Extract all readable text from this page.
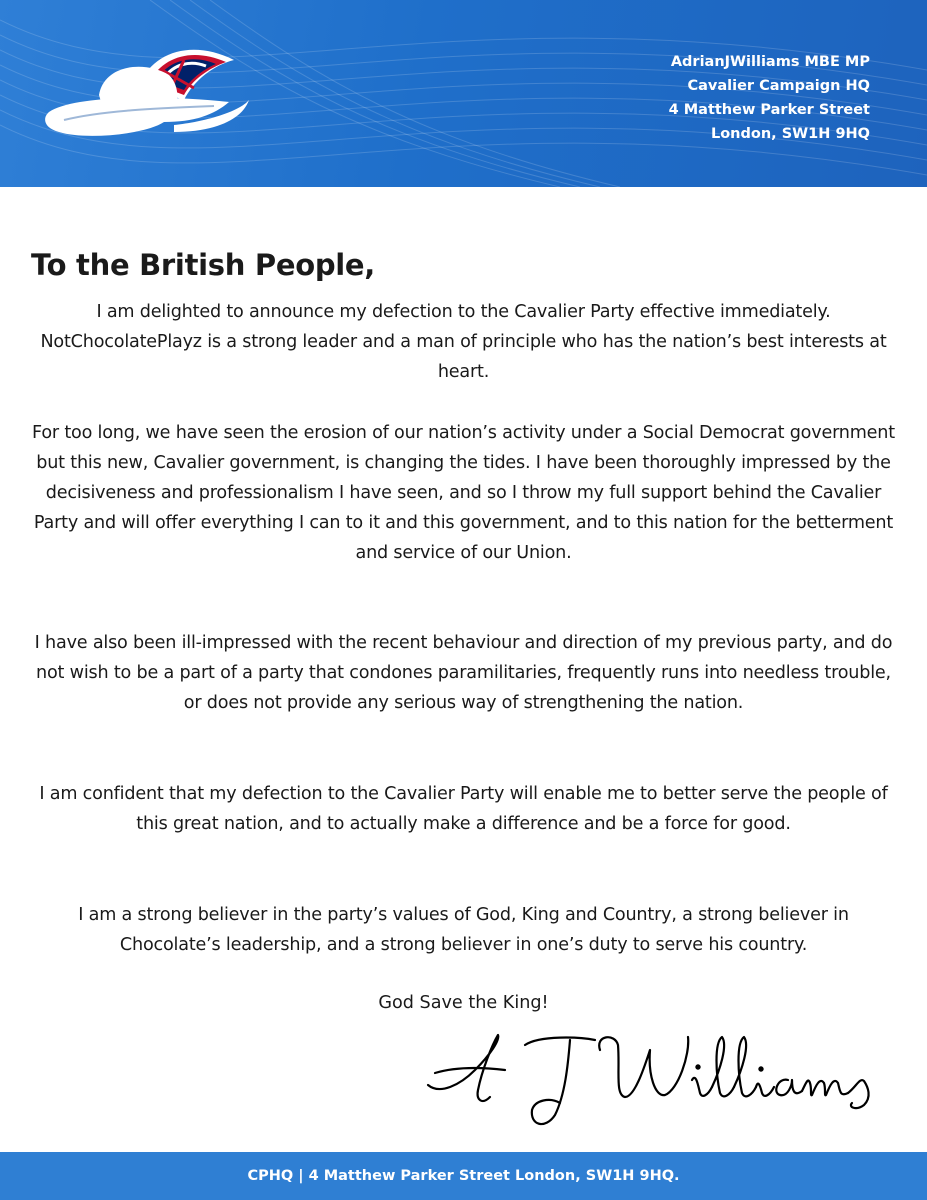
AdrianJWilliams MBE MP
Cavalier Campaign HQ
4 Matthew Parker Street
London, SW1H 9HQ
To the British People,

I am delighted to announce my defection to the Cavalier Party effective immediately. NotChocolatePlayz is a strong leader and a man of principle who has the nation’s best interests at heart.

For too long, we have seen the erosion of our nation’s activity under a Social Democrat government but this new, Cavalier government, is changing the tides. I have been thoroughly impressed by the decisiveness and professionalism I have seen, and so I throw my full support behind the Cavalier Party and will offer everything I can to it and this government, and to this nation for the betterment and service of our Union.

I have also been ill-impressed with the recent behaviour and direction of my previous party, and do not wish to be a part of a party that condones paramilitaries, frequently runs into needless trouble, or does not provide any serious way of strengthening the nation.

I am confident that my defection to the Cavalier Party will enable me to better serve the people of this great nation, and to actually make a difference and be a force for good.

I am a strong believer in the party’s values of God, King and Country, a strong believer in Chocolate’s leadership, and a strong believer in one’s duty to serve his country.

God Save the King!

CPHQ | 4 Matthew Parker Street London, SW1H 9HQ.
